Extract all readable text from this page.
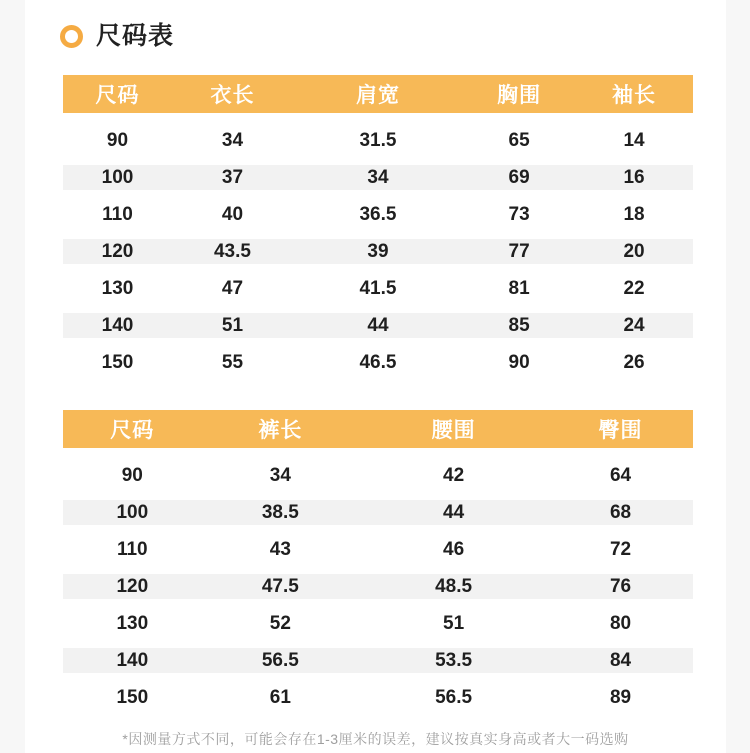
尺码表
尺码	衣长	肩宽	胸围	袖长
90	34	31.5	65	14
100	37	34	69	16
110	40	36.5	73	18
120	43.5	39	77	20
130	47	41.5	81	22
140	51	44	85	24
150	55	46.5	90	26
尺码	裤长	腰围	臀围
90	34	42	64
100	38.5	44	68
110	43	46	72
120	47.5	48.5	76
130	52	51	80
140	56.5	53.5	84
150	61	56.5	89
*因测量方式不同，可能会存在1-3厘米的误差，建议按真实身高或者大一码选购
